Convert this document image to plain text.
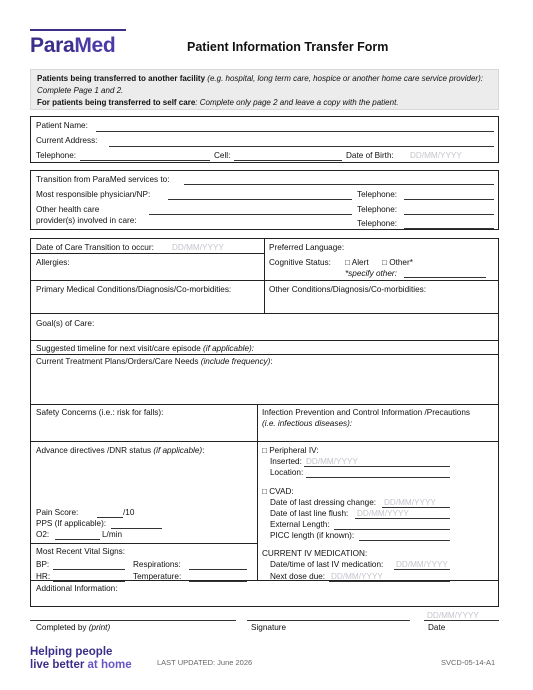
ParaMed	Patient Information Transfer Form
Patients being transferred to another facility (e.g. hospital, long term care, hospice or another home care service provider): Complete Page 1 and 2.
For patients being transferred to self care: Complete only page 2 and leave a copy with the patient.
Patient Name:
Current Address:
Telephone:	Cell:	Date of Birth: DD/MM/YYYY
Transition from ParaMed services to:
Most responsible physician/NP:	Telephone:
Other health care
provider(s) involved in care:
Telephone:
Telephone:
Date of Care Transition to occur: DD/MM/YYYY	Preferred Language:
Allergies:	Cognitive Status: □ Alert □ Other*
*specify other:
Primary Medical Conditions/Diagnosis/Co-morbidities:	Other Conditions/Diagnosis/Co-morbidities:
Goal(s) of Care:
Suggested timeline for next visit/care episode (if applicable):
Current Treatment Plans/Orders/Care Needs (include frequency):
Safety Concerns (i.e.: risk for falls):	Infection Prevention and Control Information /Precautions
(i.e. infectious diseases):
Advance directives /DNR status (if applicable):
Pain Score:	/10
PPS (If applicable):
O2:	L/min
Most Recent Vital Signs:
BP:	Respirations:
HR:	Temperature:
□ Peripheral IV:
Inserted: DD/MM/YYYY
Location:
□ CVAD:
Date of last dressing change: DD/MM/YYYY
Date of last line flush: DD/MM/YYYY
External Length:
PICC length (if known):
CURRENT IV MEDICATION:
Date/time of last IV medication: DD/MM/YYYY
Next dose due: DD/MM/YYYY
Additional Information:
DD/MM/YYYY
Completed by (print)	Signature	Date
Helping people
live better at home	LAST UPDATED: June 2026	SVCD-05-14-A1
